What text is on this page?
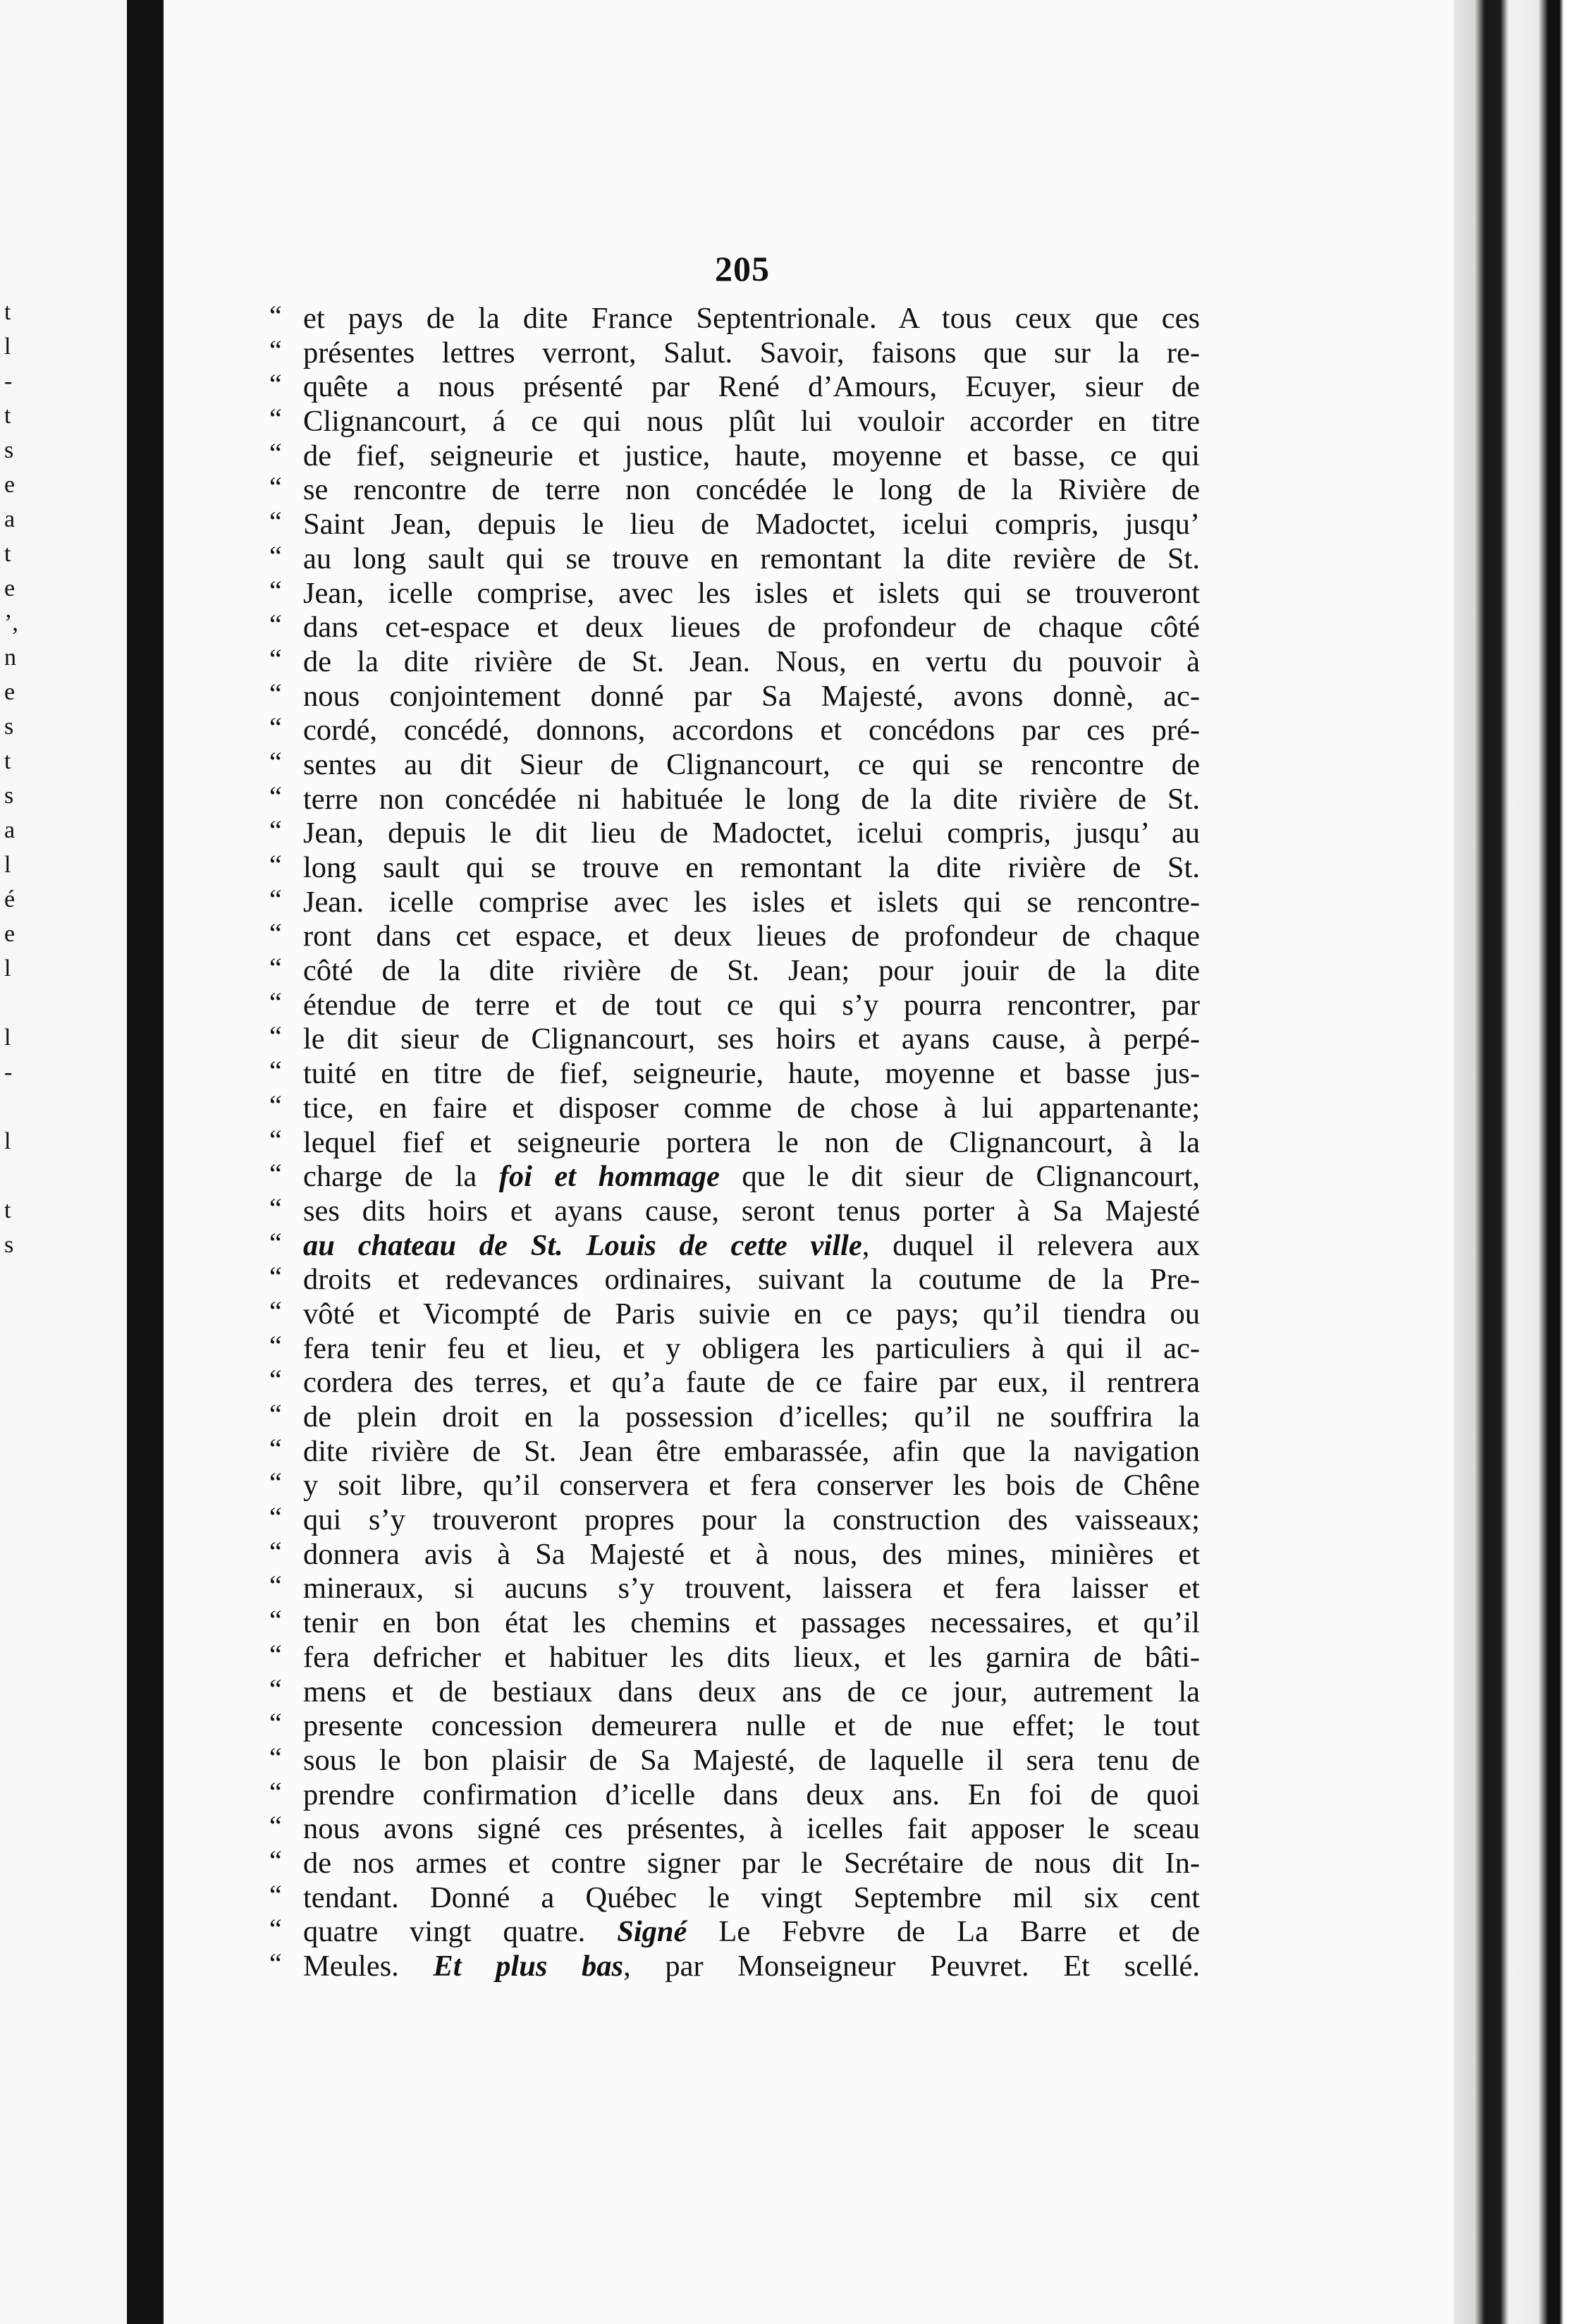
t
l
-
t
s
e
a
t
e
’,
n
e
s
t
s
a
l
é
e
l
l
-
l
t
s
205
“ et pays de la dite France Septentrionale. A tous ceux que ces
“ présentes lettres verront, Salut. Savoir, faisons que sur la re-
“ quête a nous présenté par René d’Amours, Ecuyer, sieur de
“ Clignancourt, á ce qui nous plût lui vouloir accorder en titre
“ de fief, seigneurie et justice, haute, moyenne et basse, ce qui
“ se rencontre de terre non concédée le long de la Rivière de
“ Saint Jean, depuis le lieu de Madoctet, icelui compris, jusqu’
“ au long sault qui se trouve en remontant la dite revière de St.
“ Jean, icelle comprise, avec les isles et islets qui se trouveront
“ dans cet-espace et deux lieues de profondeur de chaque côté
“ de la dite rivière de St. Jean. Nous, en vertu du pouvoir à
“ nous conjointement donné par Sa Majesté, avons donnè, ac-
“ cordé, concédé, donnons, accordons et concédons par ces pré-
“ sentes au dit Sieur de Clignancourt, ce qui se rencontre de
“ terre non concédée ni habituée le long de la dite rivière de St.
“ Jean, depuis le dit lieu de Madoctet, icelui compris, jusqu’ au
“ long sault qui se trouve en remontant la dite rivière de St.
“ Jean. icelle comprise avec les isles et islets qui se rencontre-
“ ront dans cet espace, et deux lieues de profondeur de chaque
“ côté de la dite rivière de St. Jean; pour jouir de la dite
“ étendue de terre et de tout ce qui s’y pourra rencontrer, par
“ le dit sieur de Clignancourt, ses hoirs et ayans cause, à perpé-
“ tuité en titre de fief, seigneurie, haute, moyenne et basse jus-
“ tice, en faire et disposer comme de chose à lui appartenante;
“ lequel fief et seigneurie portera le non de Clignancourt, à la
“ charge de la foi et hommage que le dit sieur de Clignancourt,
“ ses dits hoirs et ayans cause, seront tenus porter à Sa Majesté
“ au chateau de St. Louis de cette ville, duquel il relevera aux
“ droits et redevances ordinaires, suivant la coutume de la Pre-
“ vôté et Vicompté de Paris suivie en ce pays; qu’il tiendra ou
“ fera tenir feu et lieu, et y obligera les particuliers à qui il ac-
“ cordera des terres, et qu’a faute de ce faire par eux, il rentrera
“ de plein droit en la possession d’icelles; qu’il ne souffrira la
“ dite rivière de St. Jean être embarassée, afin que la navigation
“ y soit libre, qu’il conservera et fera conserver les bois de Chêne
“ qui s’y trouveront propres pour la construction des vaisseaux;
“ donnera avis à Sa Majesté et à nous, des mines, minières et
“ mineraux, si aucuns s’y trouvent, laissera et fera laisser et
“ tenir en bon état les chemins et passages necessaires, et qu’il
“ fera defricher et habituer les dits lieux, et les garnira de bâti-
“ mens et de bestiaux dans deux ans de ce jour, autrement la
“ presente concession demeurera nulle et de nue effet; le tout
“ sous le bon plaisir de Sa Majesté, de laquelle il sera tenu de
“ prendre confirmation d’icelle dans deux ans. En foi de quoi
“ nous avons signé ces présentes, à icelles fait apposer le sceau
“ de nos armes et contre signer par le Secrétaire de nous dit In-
“ tendant. Donné a Québec le vingt Septembre mil six cent
“ quatre vingt quatre. Signé Le Febvre de La Barre et de
“ Meules. Et plus bas, par Monseigneur Peuvret. Et scellé.
